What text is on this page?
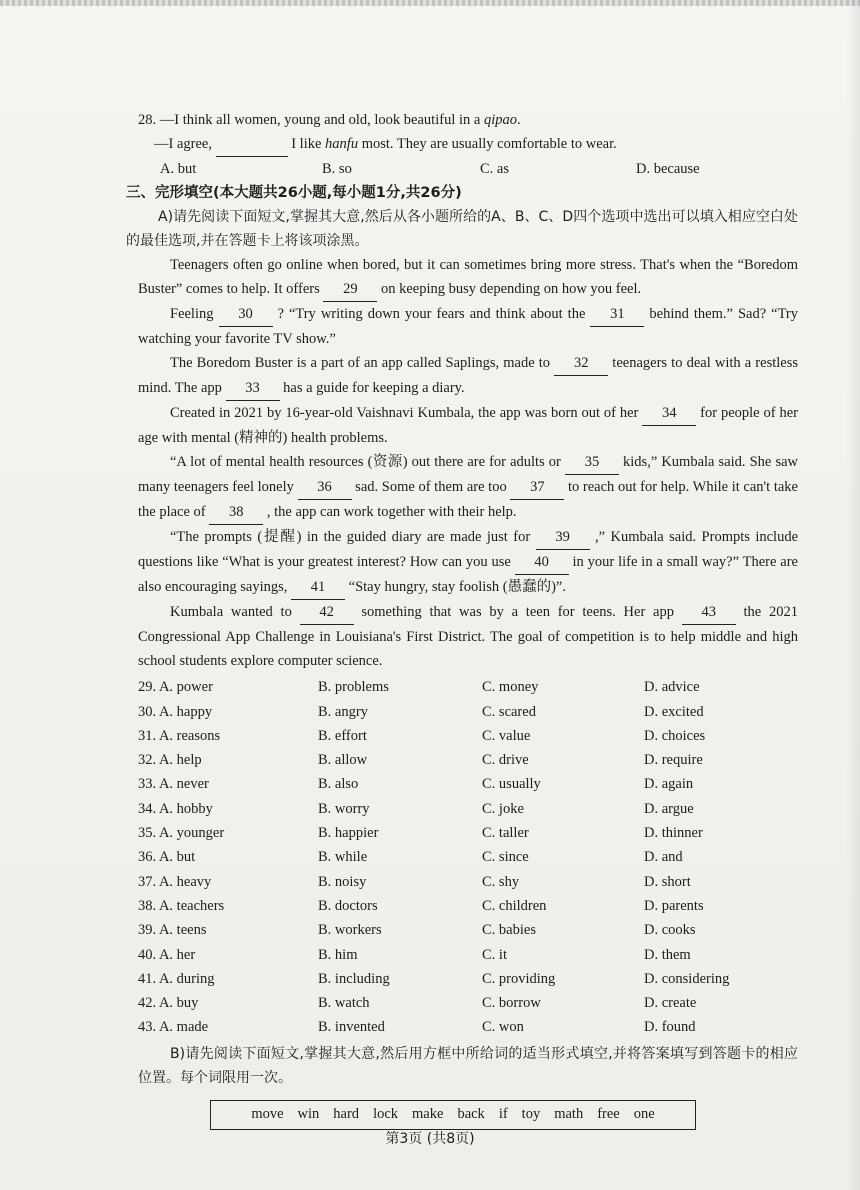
28. —I think all women, young and old, look beautiful in a qipao.

—I agree,	I like hanfu most. They are usually comfortable to wear.

A. but	B. so	C. as	D. because

三、完形填空(本大题共26小题,每小题1分,共26分)

A)请先阅读下面短文,掌握其大意,然后从各小题所给的A、B、C、D四个选项中选出可以填入相应空白处的最佳选项,并在答题卡上将该项涂黑。

Teenagers often go online when bored, but it can sometimes bring more stress. That's when the “Boredom Buster” comes to help. It offers 29 on keeping busy depending on how you feel.

Feeling 30 ? “Try writing down your fears and think about the 31 behind them.” Sad? “Try watching your favorite TV show.”

The Boredom Buster is a part of an app called Saplings, made to 32 teenagers to deal with a restless mind. The app 33 has a guide for keeping a diary.

Created in 2021 by 16-year-old Vaishnavi Kumbala, the app was born out of her 34 for people of her age with mental (精神的) health problems.

“A lot of mental health resources (资源) out there are for adults or 35 kids,” Kumbala said. She saw many teenagers feel lonely 36 sad. Some of them are too 37 to reach out for help. While it can't take the place of 38 , the app can work together with their help.

“The prompts (提醒) in the guided diary are made just for 39 ,” Kumbala said. Prompts include questions like “What is your greatest interest? How can you use 40 in your life in a small way?” There are also encouraging sayings, 41 “Stay hungry, stay foolish (愚蠢的)”.

Kumbala wanted to 42 something that was by a teen for teens. Her app 43 the 2021 Congressional App Challenge in Louisiana's First District. The goal of competition is to help middle and high school students explore computer science.

29. A. power	B. problems	C. money	D. advice
30. A. happy	B. angry	C. scared	D. excited
31. A. reasons	B. effort	C. value	D. choices
32. A. help	B. allow	C. drive	D. require
33. A. never	B. also	C. usually	D. again
34. A. hobby	B. worry	C. joke	D. argue
35. A. younger	B. happier	C. taller	D. thinner
36. A. but	B. while	C. since	D. and
37. A. heavy	B. noisy	C. shy	D. short
38. A. teachers	B. doctors	C. children	D. parents
39. A. teens	B. workers	C. babies	D. cooks
40. A. her	B. him	C. it	D. them
41. A. during	B. including	C. providing	D. considering
42. A. buy	B. watch	C. borrow	D. create
43. A. made	B. invented	C. won	D. found

B)请先阅读下面短文,掌握其大意,然后用方框中所给词的适当形式填空,并将答案填写到答题卡的相应位置。每个词限用一次。

move win hard lock make back if toy math free one
第3页 (共8页)
